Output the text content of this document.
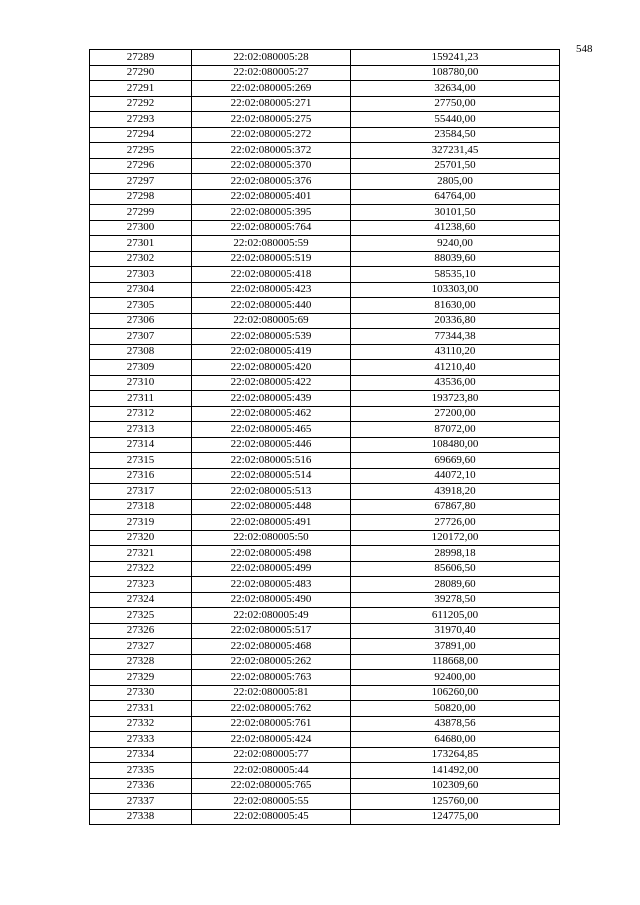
548
27289	22:02:080005:28	159241,23
27290	22:02:080005:27	108780,00
27291	22:02:080005:269	32634,00
27292	22:02:080005:271	27750,00
27293	22:02:080005:275	55440,00
27294	22:02:080005:272	23584,50
27295	22:02:080005:372	327231,45
27296	22:02:080005:370	25701,50
27297	22:02:080005:376	2805,00
27298	22:02:080005:401	64764,00
27299	22:02:080005:395	30101,50
27300	22:02:080005:764	41238,60
27301	22:02:080005:59	9240,00
27302	22:02:080005:519	88039,60
27303	22:02:080005:418	58535,10
27304	22:02:080005:423	103303,00
27305	22:02:080005:440	81630,00
27306	22:02:080005:69	20336,80
27307	22:02:080005:539	77344,38
27308	22:02:080005:419	43110,20
27309	22:02:080005:420	41210,40
27310	22:02:080005:422	43536,00
27311	22:02:080005:439	193723,80
27312	22:02:080005:462	27200,00
27313	22:02:080005:465	87072,00
27314	22:02:080005:446	108480,00
27315	22:02:080005:516	69669,60
27316	22:02:080005:514	44072,10
27317	22:02:080005:513	43918,20
27318	22:02:080005:448	67867,80
27319	22:02:080005:491	27726,00
27320	22:02:080005:50	120172,00
27321	22:02:080005:498	28998,18
27322	22:02:080005:499	85606,50
27323	22:02:080005:483	28089,60
27324	22:02:080005:490	39278,50
27325	22:02:080005:49	611205,00
27326	22:02:080005:517	31970,40
27327	22:02:080005:468	37891,00
27328	22:02:080005:262	118668,00
27329	22:02:080005:763	92400,00
27330	22:02:080005:81	106260,00
27331	22:02:080005:762	50820,00
27332	22:02:080005:761	43878,56
27333	22:02:080005:424	64680,00
27334	22:02:080005:77	173264,85
27335	22:02:080005:44	141492,00
27336	22:02:080005:765	102309,60
27337	22:02:080005:55	125760,00
27338	22:02:080005:45	124775,00
